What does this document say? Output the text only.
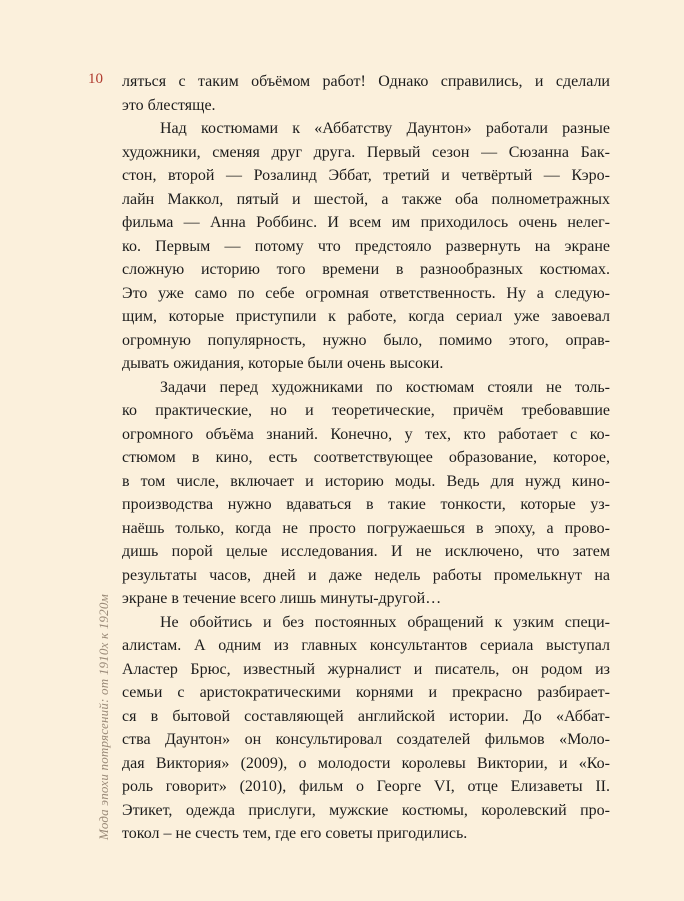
10
Мода эпохи потрясений: от 1910х к 1920м
ляться с таким объёмом работ! Однако справились, и сделали
это блестяще.
Над костюмами к «Аббатству Даунтон» работали разные
художники, сменяя друг друга. Первый сезон — Сюзанна Бак-
стон, второй — Розалинд Эббат, третий и четвёртый — Кэро-
лайн Маккол, пятый и шестой, а также оба полнометражных
фильма — Анна Роббинс. И всем им приходилось очень нелег-
ко. Первым — потому что предстояло развернуть на экране
сложную историю того времени в разнообразных костюмах.
Это уже само по себе огромная ответственность. Ну а следую-
щим, которые приступили к работе, когда сериал уже завоевал
огромную популярность, нужно было, помимо этого, оправ-
дывать ожидания, которые были очень высоки.
Задачи перед художниками по костюмам стояли не толь-
ко практические, но и теоретические, причём требовавшие
огромного объёма знаний. Конечно, у тех, кто работает с ко-
стюмом в кино, есть соответствующее образование, которое,
в том числе, включает и историю моды. Ведь для нужд кино-
производства нужно вдаваться в такие тонкости, которые уз-
наёшь только, когда не просто погружаешься в эпоху, а прово-
дишь порой целые исследования. И не исключено, что затем
результаты часов, дней и даже недель работы промелькнут на
экране в течение всего лишь минуты-другой…
Не обойтись и без постоянных обращений к узким специ-
алистам. А одним из главных консультантов сериала выступал
Аластер Брюс, известный журналист и писатель, он родом из
семьи с аристократическими корнями и прекрасно разбирает-
ся в бытовой составляющей английской истории. До «Аббат-
ства Даунтон» он консультировал создателей фильмов «Моло-
дая Виктория» (2009), о молодости королевы Виктории, и «Ко-
роль говорит» (2010), фильм о Георге VI, отце Елизаветы II.
Этикет, одежда прислуги, мужские костюмы, королевский про-
токол – не счесть тем, где его советы пригодились.
